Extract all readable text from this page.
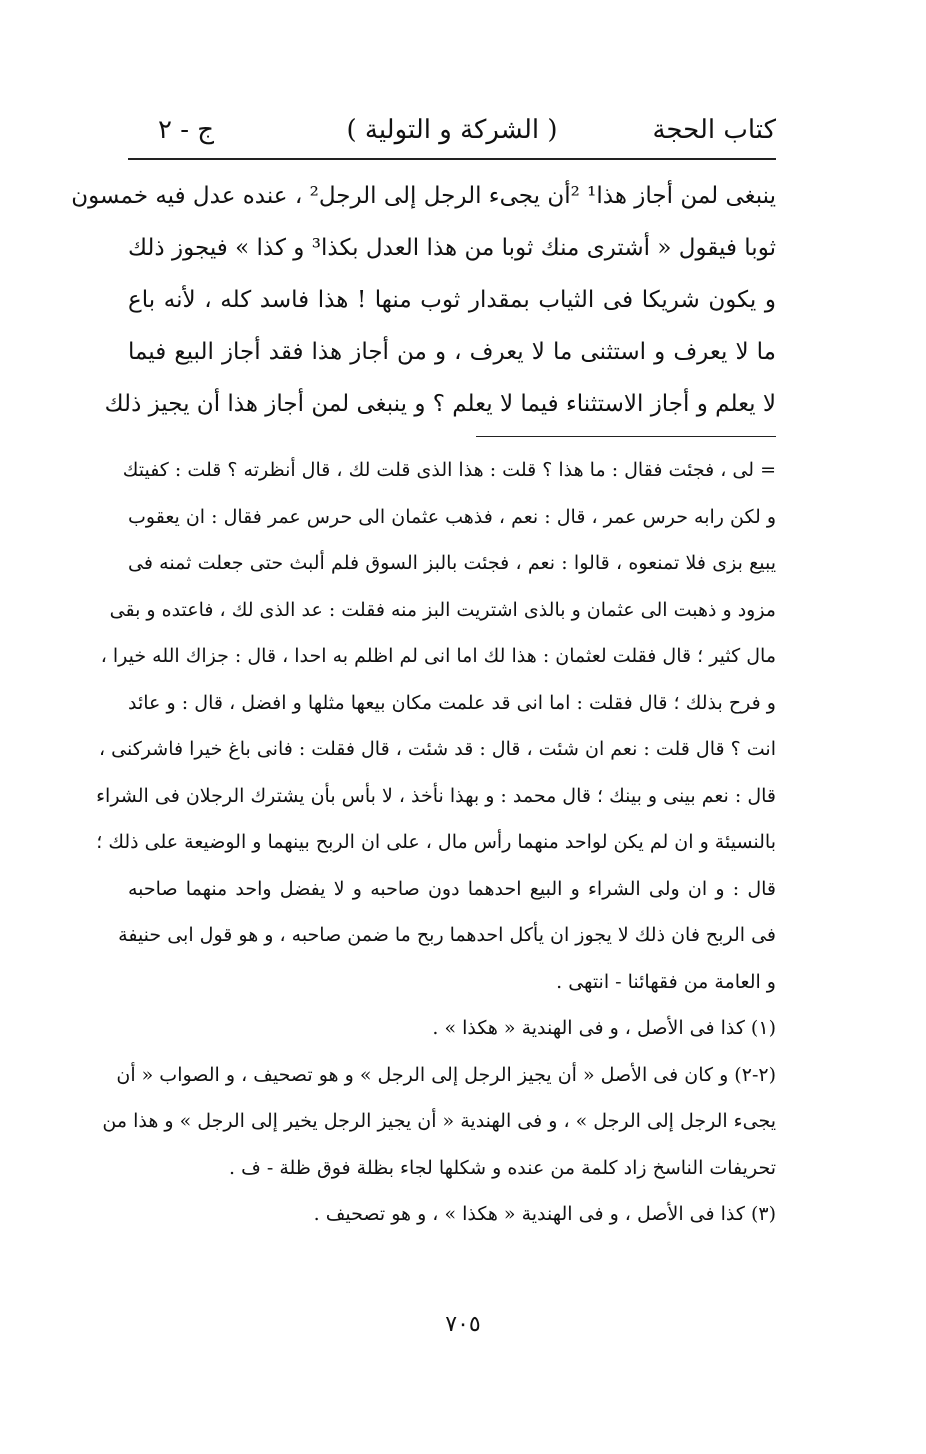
كتاب الحجة
( الشركة و التولية )
ج - ٢
ينبغى لمن أجاز هذا¹ ²أن يجىء الرجل إلى الرجل² ، عنده عدل فيه خمسون
ثوبا فيقول « أشترى منك ثوبا من هذا العدل بكذا³ و كذا » فيجوز ذلك
و يكون شريكا فى الثياب بمقدار ثوب منها ! هذا فاسد كله ، لأنه باع
ما لا يعرف و استثنى ما لا يعرف ، و من أجاز هذا فقد أجاز البيع فيما
لا يعلم و أجاز الاستثناء فيما لا يعلم ؟ و ينبغى لمن أجاز هذا أن يجيز ذلك
= لى ، فجئت فقال : ما هذا ؟ قلت : هذا الذى قلت لك ، قال أنظرته ؟ قلت : كفيتك
و لكن رابه حرس عمر ، قال : نعم ، فذهب عثمان الى حرس عمر فقال : ان يعقوب
يبيع بزى فلا تمنعوه ، قالوا : نعم ، فجئت بالبز السوق فلم ألبث حتى جعلت ثمنه فى
مزود و ذهبت الى عثمان و بالذى اشتريت البز منه فقلت : عد الذى لك ، فاعتده و بقى
مال كثير ؛ قال فقلت لعثمان : هذا لك اما انى لم اظلم به احدا ، قال : جزاك الله خيرا ،
و فرح بذلك ؛ قال فقلت : اما انى قد علمت مكان بيعها مثلها و افضل ، قال : و عائد
انت ؟ قال قلت : نعم ان شئت ، قال : قد شئت ، قال فقلت : فانى باغ خيرا فاشركنى ،
قال : نعم بينى و بينك ؛ قال محمد : و بهذا نأخذ ، لا بأس بأن يشترك الرجلان فى الشراء
بالنسيئة و ان لم يكن لواحد منهما رأس مال ، على ان الربح بينهما و الوضيعة على ذلك ؛
قال : و ان ولى الشراء و البيع احدهما دون صاحبه و لا يفضل واحد منهما صاحبه
فى الربح فان ذلك لا يجوز ان يأكل احدهما ربح ما ضمن صاحبه ، و هو قول ابى حنيفة
و العامة من فقهائنا - انتهى .
(١) كذا فى الأصل ، و فى الهندية « هكذا » .
(٢-٢) و كان فى الأصل « أن يجيز الرجل إلى الرجل » و هو تصحيف ، و الصواب « أن
يجىء الرجل إلى الرجل » ، و فى الهندية « أن يجيز الرجل يخير إلى الرجل » و هذا من
تحريفات الناسخ زاد كلمة من عنده و شكلها لجاء بظلة فوق ظلة - ف .
(٣) كذا فى الأصل ، و فى الهندية « هكذا » ، و هو تصحيف .
٧٠٥
